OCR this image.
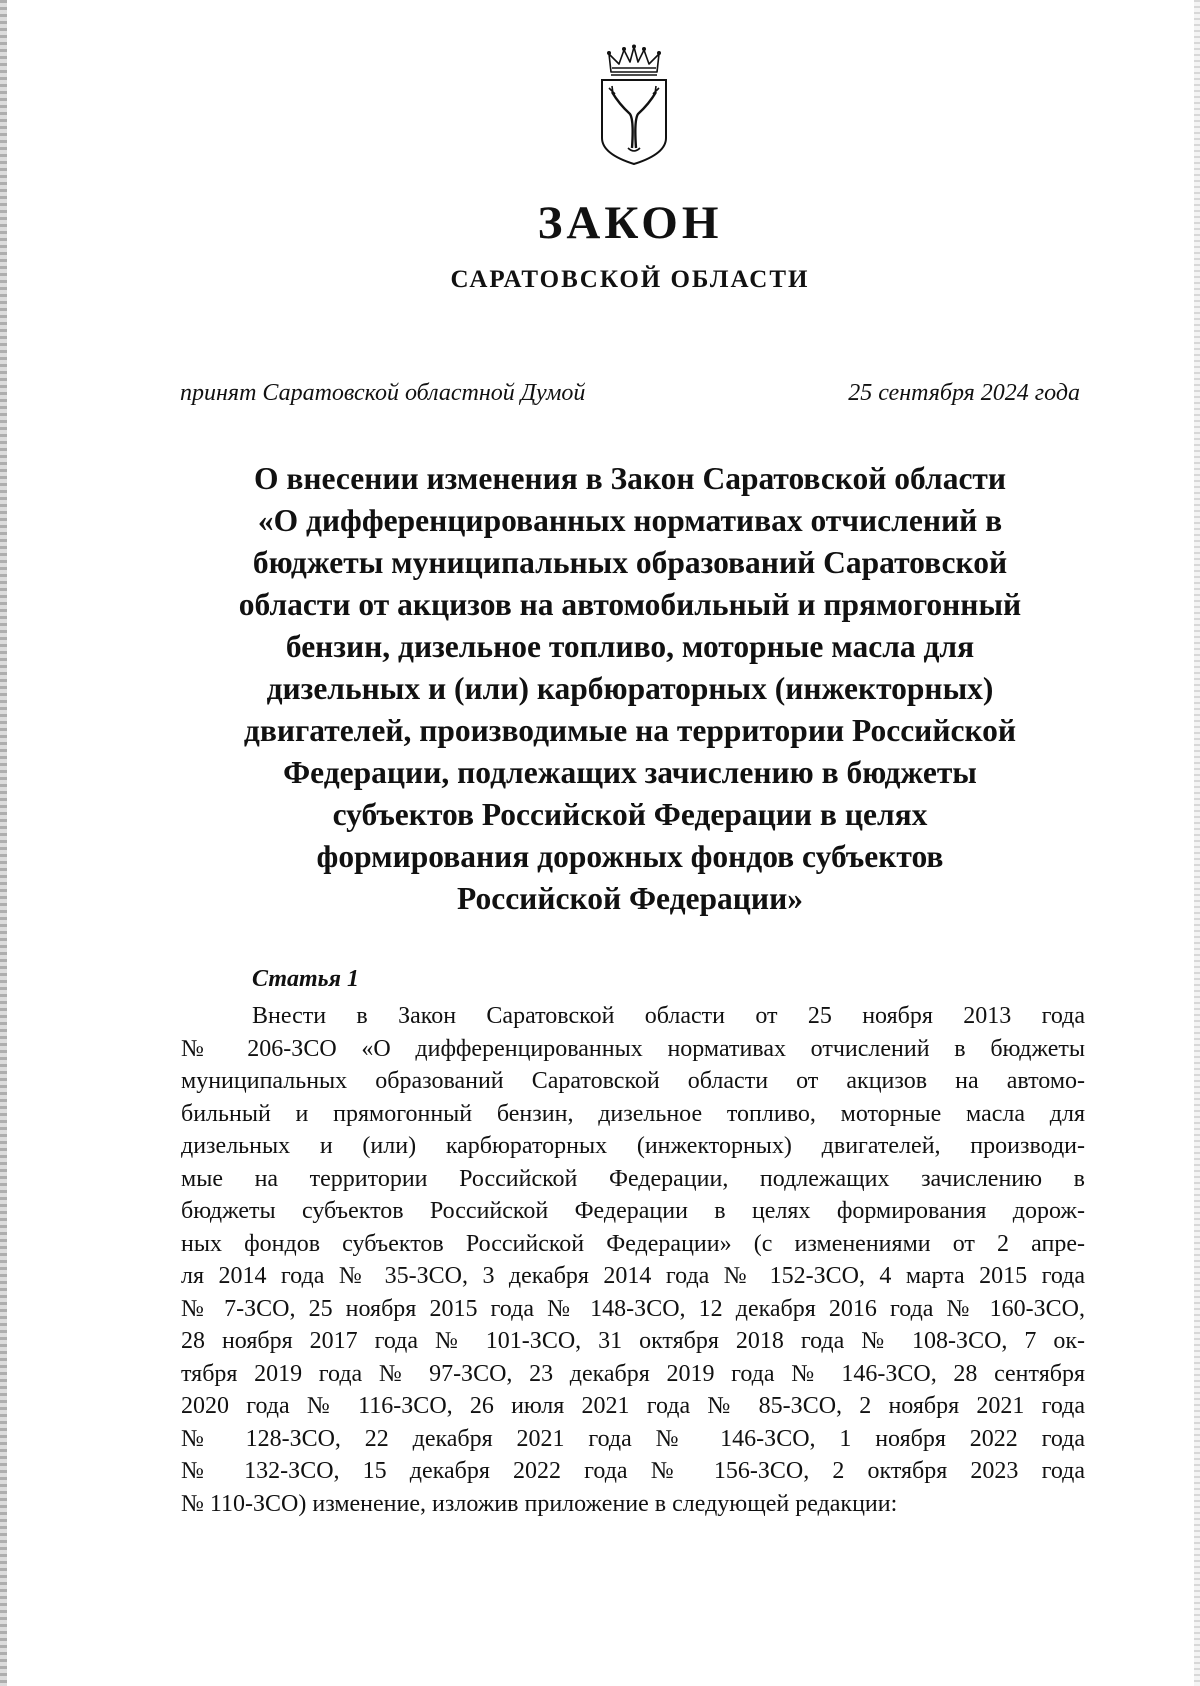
ЗАКОН
САРАТОВСКОЙ ОБЛАСТИ
принят Саратовской областной Думой	25 сентября 2024 года
О внесении изменения в Закон Саратовской области
«О дифференцированных нормативах отчислений в
бюджеты муниципальных образований Саратовской
области от акцизов на автомобильный и прямогонный
бензин, дизельное топливо, моторные масла для
дизельных и (или) карбюраторных (инжекторных)
двигателей, производимые на территории Российской
Федерации, подлежащих зачислению в бюджеты
субъектов Российской Федерации в целях
формирования дорожных фондов субъектов
Российской Федерации»
Статья 1
Внести в Закон Саратовской области от 25 ноября 2013 года
№ 206-ЗСО «О дифференцированных нормативах отчислений в бюджеты
муниципальных образований Саратовской области от акцизов на автомо-
бильный и прямогонный бензин, дизельное топливо, моторные масла для
дизельных и (или) карбюраторных (инжекторных) двигателей, производи-
мые на территории Российской Федерации, подлежащих зачислению в
бюджеты субъектов Российской Федерации в целях формирования дорож-
ных фондов субъектов Российской Федерации» (с изменениями от 2 апре-
ля 2014 года № 35-ЗСО, 3 декабря 2014 года № 152-ЗСО, 4 марта 2015 года
№ 7-ЗСО, 25 ноября 2015 года № 148-ЗСО, 12 декабря 2016 года № 160-ЗСО,
28 ноября 2017 года № 101-ЗСО, 31 октября 2018 года № 108-ЗСО, 7 ок-
тября 2019 года № 97-ЗСО, 23 декабря 2019 года № 146-ЗСО, 28 сентября
2020 года № 116-ЗСО, 26 июля 2021 года № 85-ЗСО, 2 ноября 2021 года
№ 128-ЗСО, 22 декабря 2021 года № 146-ЗСО, 1 ноября 2022 года
№ 132-ЗСО, 15 декабря 2022 года № 156-ЗСО, 2 октября 2023 года
№ 110-ЗСО) изменение, изложив приложение в следующей редакции:
